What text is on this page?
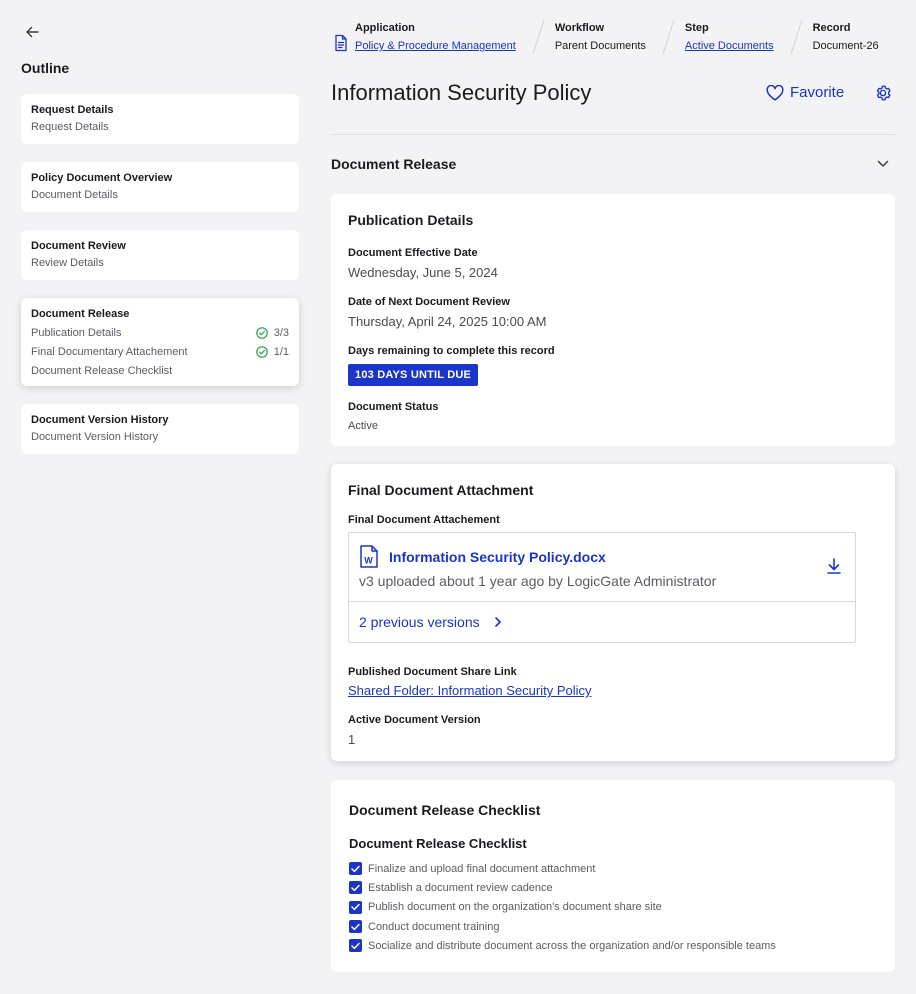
Outline
Request Details
Request Details
Policy Document Overview
Document Details
Document Review
Review Details
Document Release
Publication Details	3/3
Final Documentary Attachement	1/1
Document Release Checklist
Document Version History
Document Version History
Application
Policy & Procedure Management
Workflow
Parent Documents
Step
Active Documents
Record
Document-26
Information Security Policy	Favorite
Document Release
Publication Details
Document Effective Date
Wednesday, June 5, 2024
Date of Next Document Review
Thursday, April 24, 2025 10:00 AM
Days remaining to complete this record
103 DAYS UNTIL DUE
Document Status
Active
Final Document Attachment
Final Document Attachement
W Information Security Policy.docx
v3 uploaded about 1 year ago by LogicGate Administrator
2 previous versions
Published Document Share Link
Shared Folder: Information Security Policy
Active Document Version
1
Document Release Checklist
Document Release Checklist
Finalize and upload final document attachment
Establish a document review cadence
Publish document on the organization's document share site
Conduct document training
Socialize and distribute document across the organization and/or responsible teams
